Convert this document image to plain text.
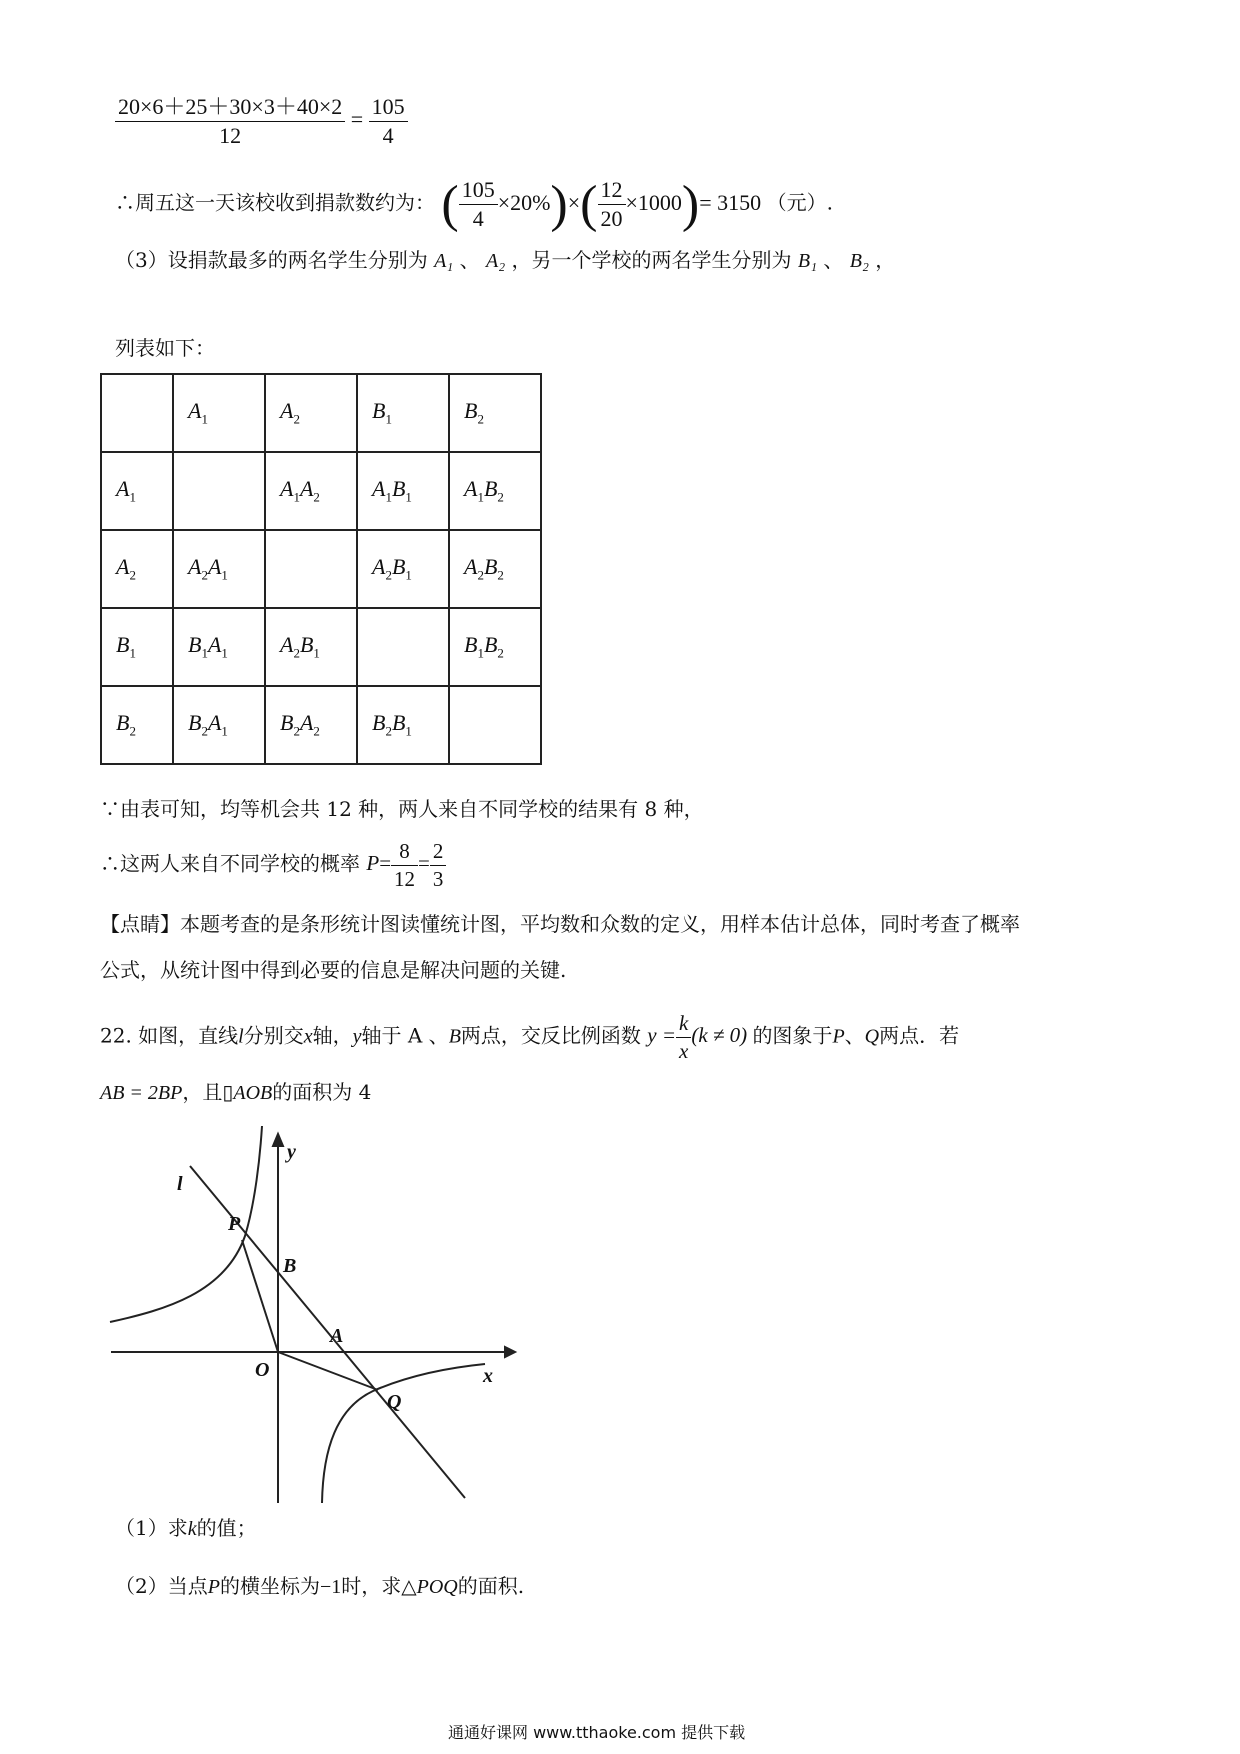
$\frac{20\times 6+25+30\times 3+40\times 2}{12} = \frac{105}{4}$
∴周五这一天该校收到捐款数约为： ( $\frac{105}{4} \times 20\%)\times( \frac{12}{20} \times 1000)= 3150$ （元）.
（3）设捐款最多的两名学生分别为 A₁ 、 A₂ ，另一个学校的两名学生分别为 B₁ 、 B₂ ，
列表如下：
	$A_1$	$A_2$	$B_1$	$B_2$
$A_1$		$A_1A_2$	$A_1B_1$	$A_1B_2$
$A_2$	$A_2A_1$		$A_2B_1$	$A_2B_2$
$B_1$	$B_1A_1$	$A_2B_1$		$B_1B_2$
$B_2$	$B_2A_1$	$B_2A_2$	$B_2B_1$	
∵由表可知，均等机会共 12 种，两人来自不同学校的结果有 8 种，
∴这两人来自不同学校的概率 $P= \frac{8}{12} = \frac{2}{3}$
【点睛】本题考查的是条形统计图读懂统计图，平均数和众数的定义，用样本估计总体，同时考查了概率
公式，从统计图中得到必要的信息是解决问题的关键.
22. 如图，直线l分别交x轴，y轴于 A 、B两点，交反比例函数 $y = \frac{k}{x} (k \ne 0)$ 的图象于P、Q两点．若
AB = 2BP，且▯AOB的面积为 4
l
y
P
B
A
O	x
Q
（1）求k的值；
（2）当点P的横坐标为−1时，求△POQ的面积.
通通好课网 www.tthaoke.com 提供下载
